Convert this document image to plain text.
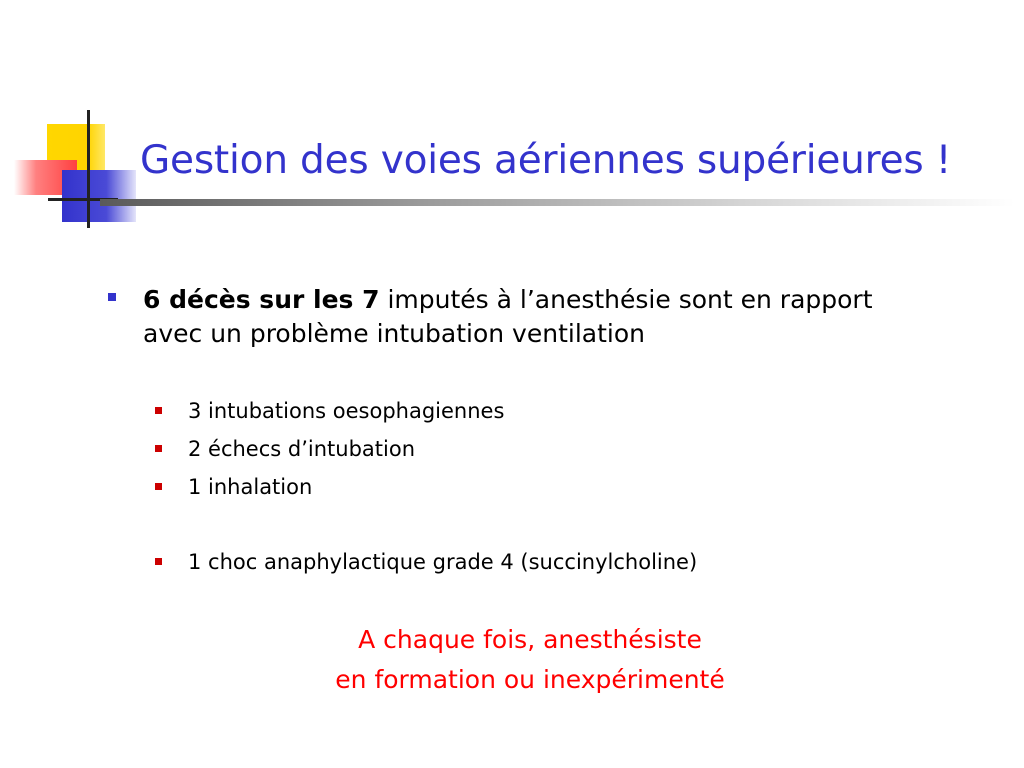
Gestion des voies aériennes supérieures !
6 décès sur les 7 imputés à l’anesthésie sont en rapport avec un problème intubation ventilation
3 intubations oesophagiennes
2 échecs d’intubation
1 inhalation
1 choc anaphylactique grade 4 (succinylcholine)
A chaque fois, anesthésiste
en formation ou inexpérimenté
